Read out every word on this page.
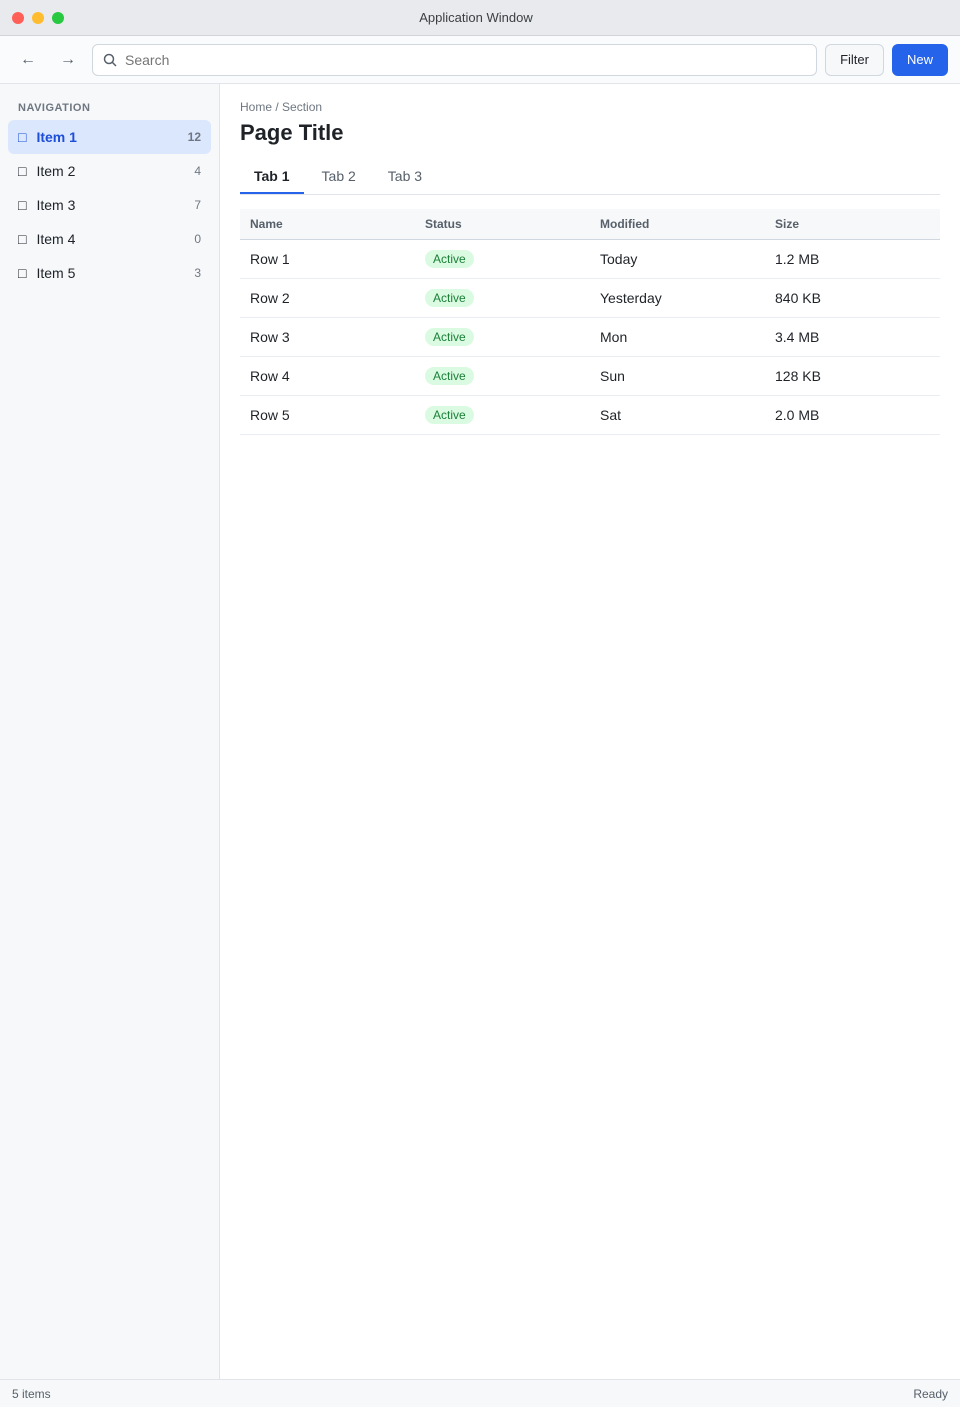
Application Window
←	→
Search	Filter	New
NAVIGATION
□ Item 1	12
□ Item 2	4
□ Item 3	7
□ Item 4	0
□ Item 5	3
Home / Section
Page Title
Tab 1	Tab 2	Tab 3
Name	Status	Modified	Size
Row 1	Active	Today	1.2 MB
Row 2	Active	Yesterday	840 KB
Row 3	Active	Mon	3.4 MB
Row 4	Active	Sun	128 KB
Row 5	Active	Sat	2.0 MB
5 items	Ready
